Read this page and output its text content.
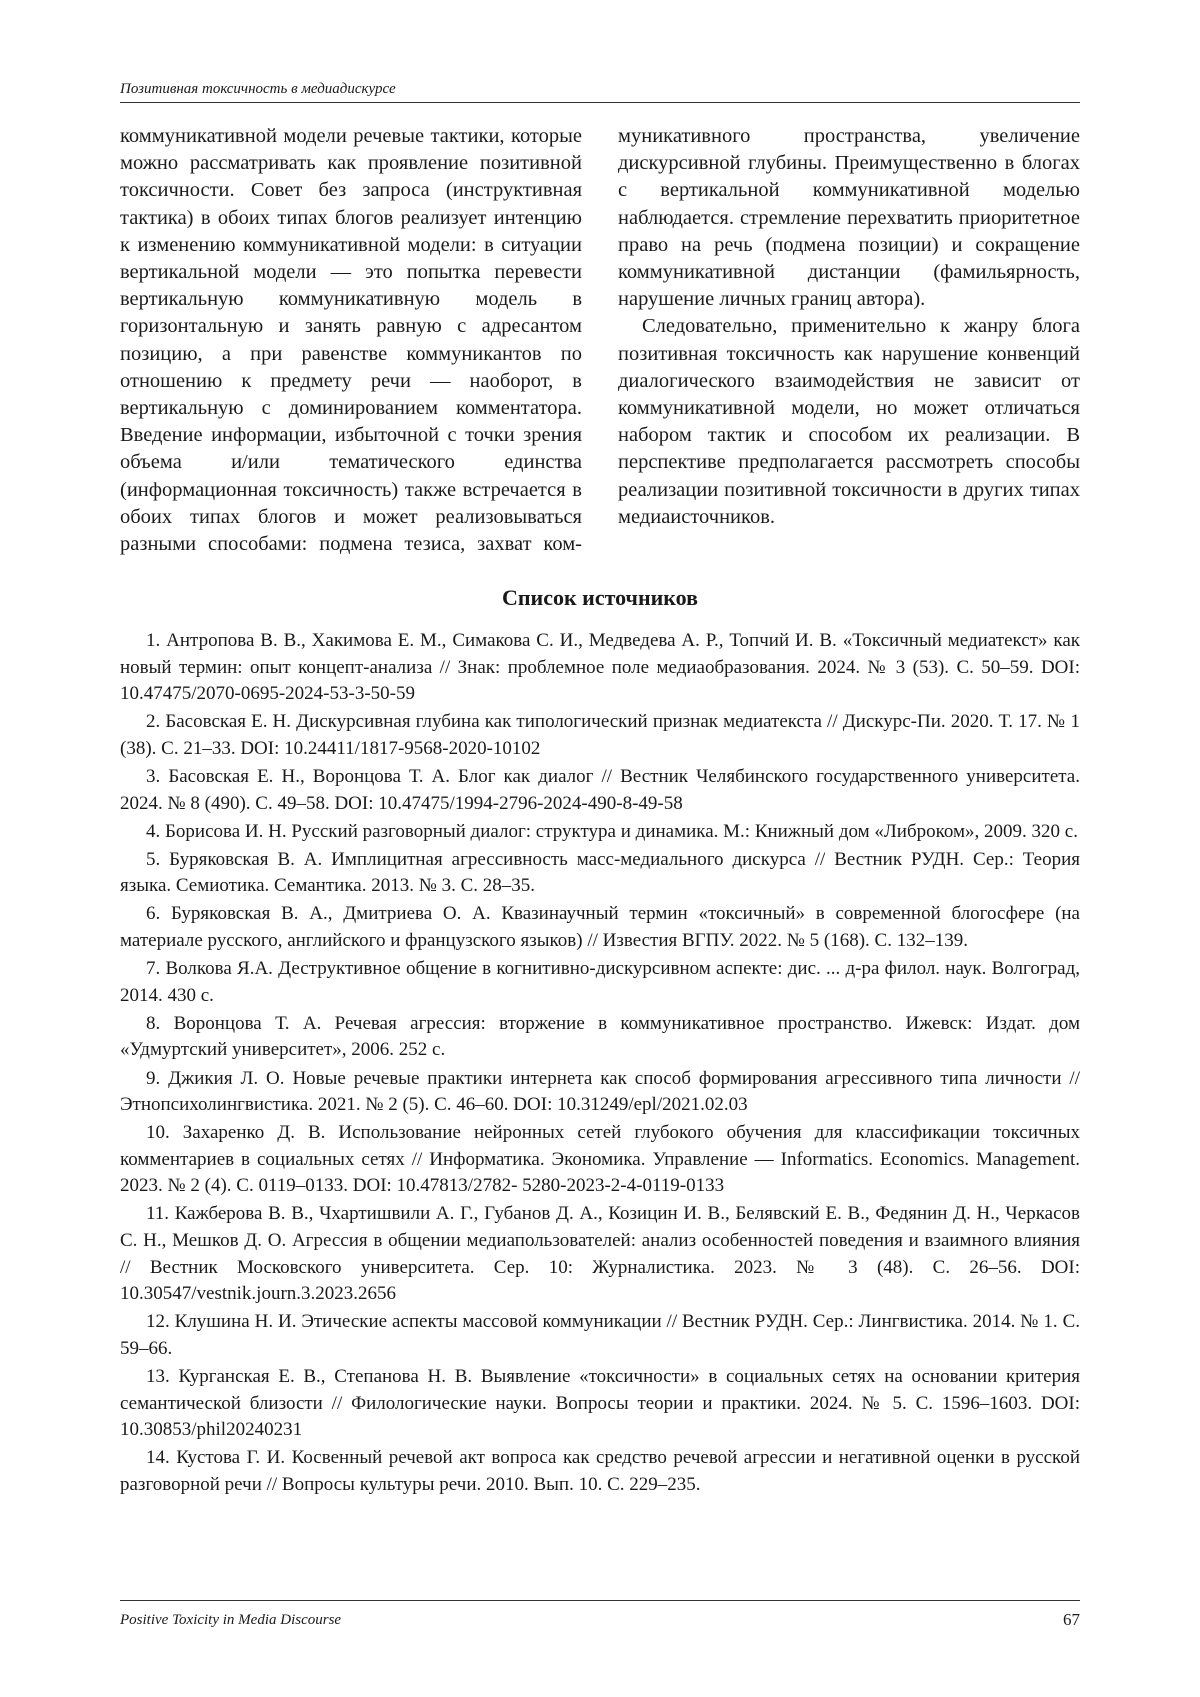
Позитивная токсичность в медиадискурсе

коммуникативной модели речевые тактики, которые можно рассматривать как проявление позитивной токсичности. Совет без запроса (инструктивная тактика) в обоих типах блогов реализует интенцию к изменению коммуникативной модели: в ситуации вертикальной модели — это попытка перевести вертикальную коммуникативную модель в горизонтальную и занять равную с адресантом позицию, а при равенстве коммуникантов по отношению к предмету речи — наоборот, в вертикальную с доминированием комментатора. Введение информации, избыточной с точки зрения объема и/или тематического единства (информационная токсичность) также встречается в обоих типах блогов и может реализовываться разными способами: подмена тезиса, захват ком-

муникативного пространства, увеличение дискурсивной глубины. Преимущественно в блогах с вертикальной коммуникативной моделью наблюдается. стремление перехватить приоритетное право на речь (подмена позиции) и сокращение коммуникативной дистанции (фамильярность, нарушение личных границ автора).

Следовательно, применительно к жанру блога позитивная токсичность как нарушение конвенций диалогического взаимодействия не зависит от коммуникативной модели, но может отличаться набором тактик и способом их реализации. В перспективе предполагается рассмотреть способы реализации позитивной токсичности в других типах медиаисточников.

Список источников
1. Антропова В. В., Хакимова Е. М., Симакова С. И., Медведева А. Р., Топчий И. В. «Токсичный медиатекст» как новый термин: опыт концепт-анализа // Знак: проблемное поле медиаобразования. 2024. № 3 (53). С. 50–59. DOI: 10.47475/2070-0695-2024-53-3-50-59
2. Басовская Е. Н. Дискурсивная глубина как типологический признак медиатекста // Дискурс-Пи. 2020. Т. 17. № 1 (38). С. 21–33. DOI: 10.24411/1817-9568-2020-10102
3. Басовская Е. Н., Воронцова Т. А. Блог как диалог // Вестник Челябинского государственного университета. 2024. № 8 (490). С. 49–58. DOI: 10.47475/1994-2796-2024-490-8-49-58
4. Борисова И. Н. Русский разговорный диалог: структура и динамика. М.: Книжный дом «Либроком», 2009. 320 с.
5. Буряковская В. А. Имплицитная агрессивность масс-медиального дискурса // Вестник РУДН. Сер.: Теория языка. Семиотика. Семантика. 2013. № 3. С. 28–35.
6. Буряковская В. А., Дмитриева О. А. Квазинаучный термин «токсичный» в современной блогосфере (на материале русского, английского и французского языков) // Известия ВГПУ. 2022. № 5 (168). С. 132–139.
7. Волкова Я.А. Деструктивное общение в когнитивно-дискурсивном аспекте: дис. ... д-ра филол. наук. Волгоград, 2014. 430 с.
8. Воронцова Т. А. Речевая агрессия: вторжение в коммуникативное пространство. Ижевск: Издат. дом «Удмуртский университет», 2006. 252 с.
9. Джикия Л. О. Новые речевые практики интернета как способ формирования агрессивного типа личности // Этнопсихолингвистика. 2021. № 2 (5). С. 46–60. DOI: 10.31249/epl/2021.02.03
10. Захаренко Д. В. Использование нейронных сетей глубокого обучения для классификации токсичных комментариев в социальных сетях // Информатика. Экономика. Управление — Informatics. Economics. Management. 2023. № 2 (4). С. 0119–0133. DOI: 10.47813/2782- 5280-2023-2-4-0119-0133
11. Кажберова В. В., Чхартишвили А. Г., Губанов Д. А., Козицин И. В., Белявский Е. В., Федянин Д. Н., Черкасов С. Н., Мешков Д. О. Агрессия в общении медиапользователей: анализ особенностей поведения и взаимного влияния // Вестник Московского университета. Сер. 10: Журналистика. 2023. № 3 (48). С. 26–56. DOI: 10.30547/vestnik.journ.3.2023.2656
12. Клушина Н. И. Этические аспекты массовой коммуникации // Вестник РУДН. Сер.: Лингвистика. 2014. № 1. С. 59–66.
13. Курганская Е. В., Степанова Н. В. Выявление «токсичности» в социальных сетях на основании критерия семантической близости // Филологические науки. Вопросы теории и практики. 2024. № 5. С. 1596–1603. DOI: 10.30853/phil20240231
14. Кустова Г. И. Косвенный речевой акт вопроса как средство речевой агрессии и негативной оценки в русской разговорной речи // Вопросы культуры речи. 2010. Вып. 10. С. 229–235.
Positive Toxicity in Media Discourse	67
